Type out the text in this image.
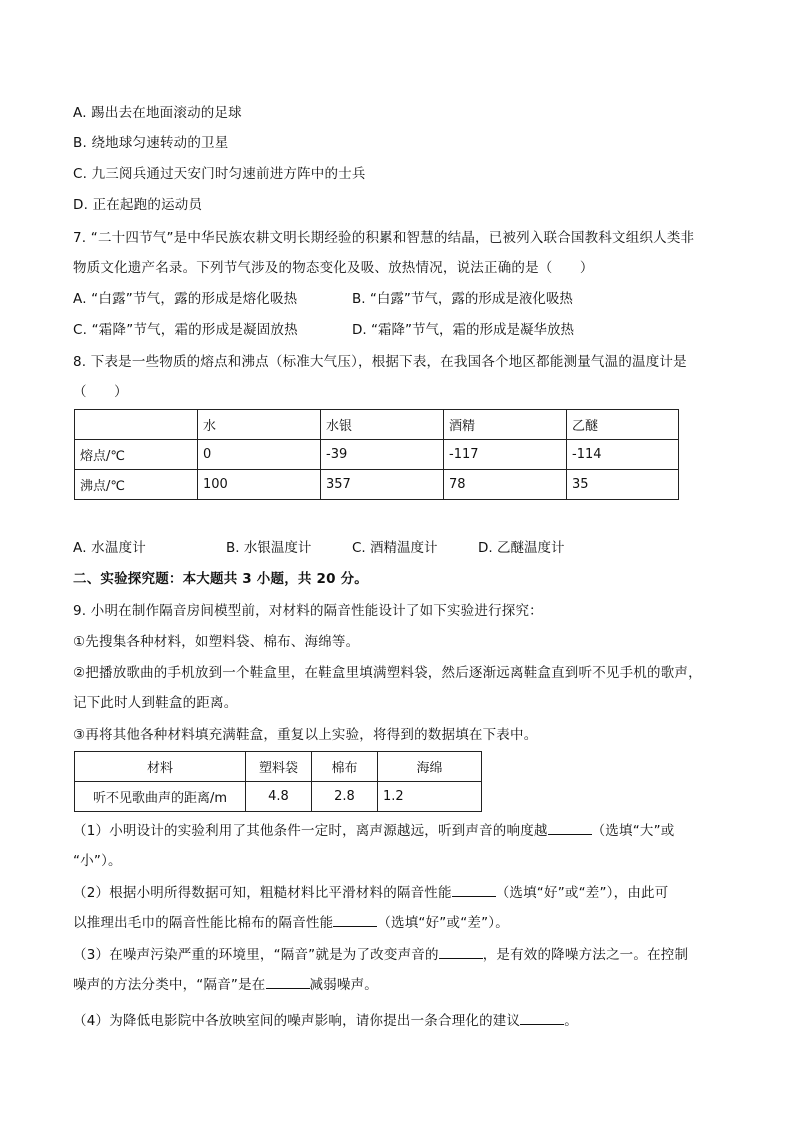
A. 踢出去在地面滚动的足球
B. 绕地球匀速转动的卫星
C. 九三阅兵通过天安门时匀速前进方阵中的士兵
D. 正在起跑的运动员
7. “二十四节气”是中华民族农耕文明长期经验的积累和智慧的结晶，已被列入联合国教科文组织人类非
物质文化遗产名录。下列节气涉及的物态变化及吸、放热情况，说法正确的是（　　）
A. “白露”节气，露的形成是熔化吸热	B. “白露”节气，露的形成是液化吸热
C. “霜降”节气，霜的形成是凝固放热	D. “霜降”节气，霜的形成是凝华放热
8. 下表是一些物质的熔点和沸点（标准大气压），根据下表，在我国各个地区都能测量气温的温度计是
（　　）
	水	水银	酒精	乙醚
熔点/℃	0	-39	-117	-114
沸点/℃	100	357	78	35
A. 水温度计	B. 水银温度计	C. 酒精温度计	D. 乙醚温度计
二、实验探究题：本大题共 3 小题，共 20 分。
9. 小明在制作隔音房间模型前，对材料的隔音性能设计了如下实验进行探究：
①先搜集各种材料，如塑料袋、棉布、海绵等。
②把播放歌曲的手机放到一个鞋盒里，在鞋盒里填满塑料袋，然后逐渐远离鞋盒直到听不见手机的歌声，
记下此时人到鞋盒的距离。
③再将其他各种材料填充满鞋盒，重复以上实验，将得到的数据填在下表中。
材料	塑料袋	棉布	海绵
听不见歌曲声的距离/m	4.8	2.8	1.2
（1）小明设计的实验利用了其他条件一定时，离声源越远，听到声音的响度越	（选填“大”或
“小”）。
（2）根据小明所得数据可知，粗糙材料比平滑材料的隔音性能	（选填“好”或“差”），由此可
以推理出毛巾的隔音性能比棉布的隔音性能	（选填“好”或“差”）。
（3）在噪声污染严重的环境里，“隔音”就是为了改变声音的	，是有效的降噪方法之一。在控制
噪声的方法分类中，“隔音”是在	减弱噪声。
（4）为降低电影院中各放映室间的噪声影响，请你提出一条合理化的建议	。
